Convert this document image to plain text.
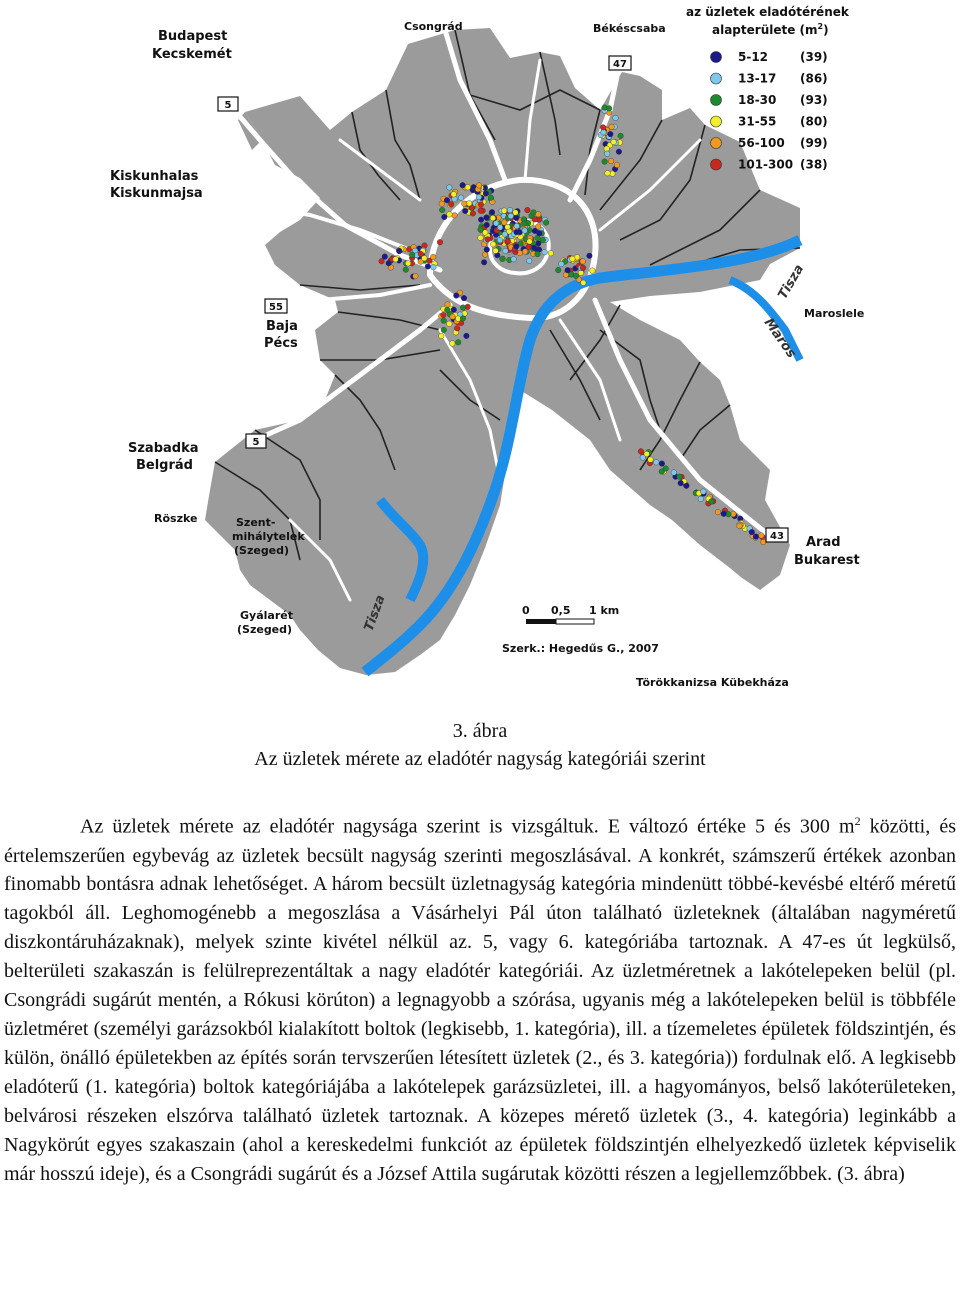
5
55
5
47
43
Budapest
Kecskemét
Csongrád	Békéscsaba
Kiskunhalas
Kiskunmajsa
Baja
Pécs
Szabadka
Belgrád
Röszke	Szent-
mihálytelek
(Szeged)
Gyálarét
(Szeged)
Maroslele
Arad
Bukarest
Törökkanizsa Kübekháza
Szerk.: Hegedűs G., 2007
Tisza
Tisza
Maros
0 0,5 1 km
az üzletek eladótérének
alapterülete $(m^2)$
5-12	(39)
13-17 (86)
18-30 (93)
31-55 (80)
56-100 (99)
101-300 (38)
3. ábra
Az üzletek mérete az eladótér nagyság kategóriái szerint

Az üzletek mérete az eladótér nagysága szerint is vizsgáltuk. E változó értéke 5 és 300 $m^2$ közötti, és értelemszerűen egybevág az üzletek becsült nagyság szerinti megoszlásával. A konkrét, számszerű értékek azonban finomabb bontásra adnak lehetőséget. A három becsült üzletnagyság kategória mindenütt többé-kevésbé eltérő méretű tagokból áll. Leghomogénebb a megoszlása a Vásárhelyi Pál úton található üzleteknek (általában nagyméretű diszkontáruházaknak), melyek szinte kivétel nélkül az. 5, vagy 6. kategóriába tartoznak. A 47-es út legkülső, belterületi szakaszán is felülreprezentáltak a nagy eladótér kategóriái. Az üzletméretnek a lakótelepeken belül (pl. Csongrádi sugárút mentén, a Rókusi körúton) a legnagyobb a szórása, ugyanis még a lakótelepeken belül is többféle üzletméret (személyi garázsokból kialakított boltok (legkisebb, 1. kategória), ill. a tízemeletes épületek földszintjén, és külön, önálló épületekben az építés során tervszerűen létesített üzletek (2., és 3. kategória)) fordulnak elő. A legkisebb eladóterű (1. kategória) boltok kategóriájába a lakótelepek garázsüzletei, ill. a hagyományos, belső lakóterületeken, belvárosi részeken elszórva található üzletek tartoznak. A közepes mérető üzletek (3., 4. kategória) leginkább a Nagykörút egyes szakaszain (ahol a kereskedelmi funkciót az épületek földszintjén elhelyezkedő üzletek képviselik már hosszú ideje), és a Csongrádi sugárút és a József Attila sugárutak közötti részen a legjellemzőbbek. (3. ábra)
